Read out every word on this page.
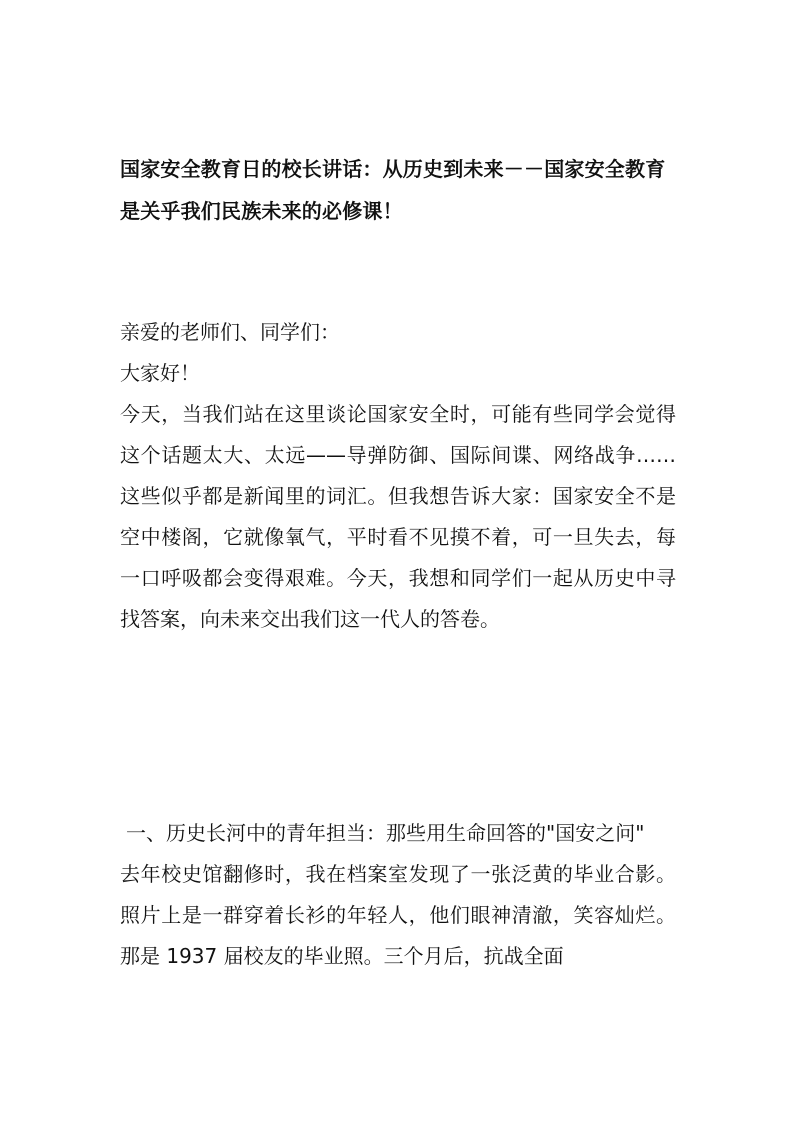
国家安全教育日的校长讲话：从历史到未来－－国家安全教育是关乎我们民族未来的必修课！

亲爱的老师们、同学们：

大家好！

今天，当我们站在这里谈论国家安全时，可能有些同学会觉得这个话题太大、太远——导弹防御、国际间谍、网络战争……这些似乎都是新闻里的词汇。但我想告诉大家：国家安全不是空中楼阁，它就像氧气，平时看不见摸不着，可一旦失去，每一口呼吸都会变得艰难。今天，我想和同学们一起从历史中寻找答案，向未来交出我们这一代人的答卷。

一、历史长河中的青年担当：那些用生命回答的"国安之问"

去年校史馆翻修时，我在档案室发现了一张泛黄的毕业合影。照片上是一群穿着长衫的年轻人，他们眼神清澈，笑容灿烂。那是 1937 届校友的毕业照。三个月后，抗战全面
